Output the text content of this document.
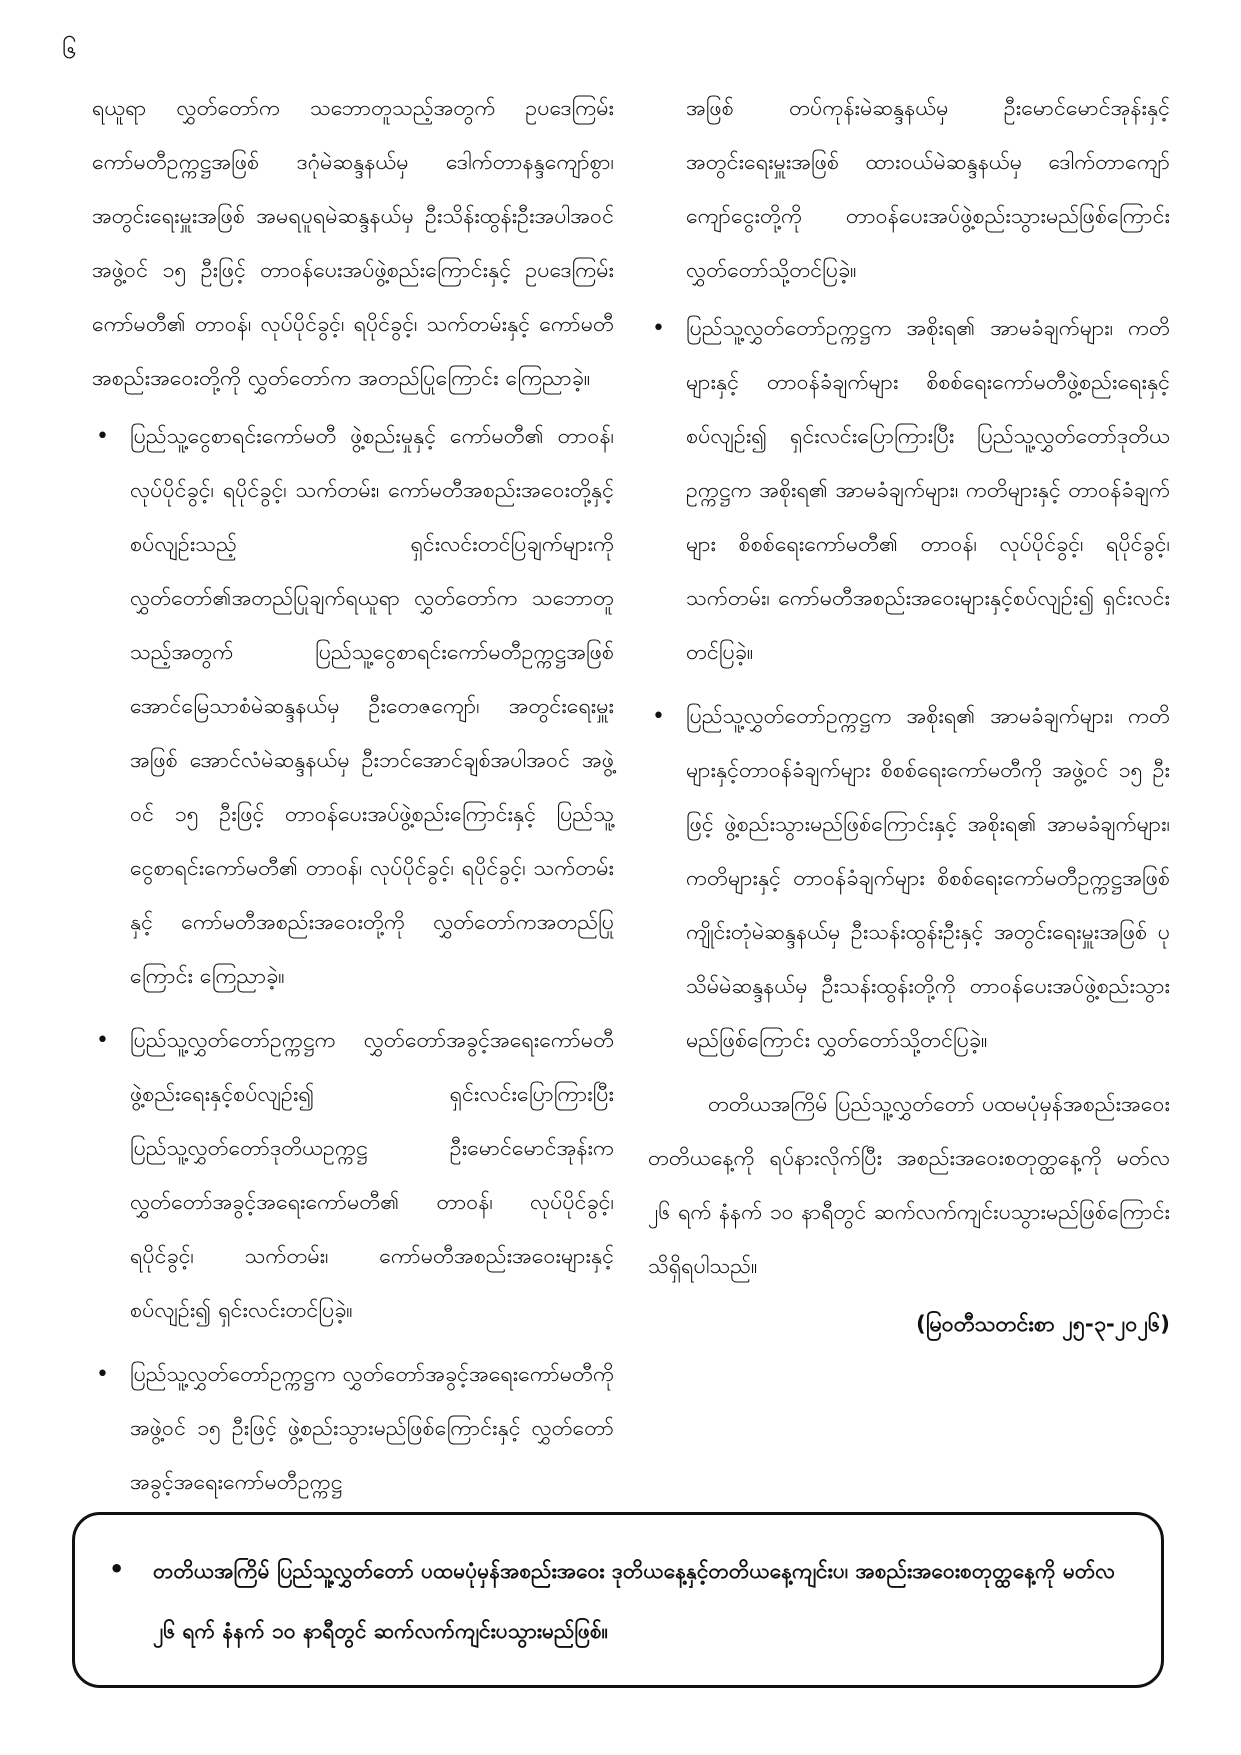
၆

ရယူရာ လွှတ်တော်က သဘောတူသည့်အတွက် ဥပဒေကြမ်းကော်မတီဥက္ကဋ္ဌအဖြစ် ဒဂုံမဲဆန္ဒနယ်မှ ဒေါက်တာနန္ဒကျော်စွာ၊ အတွင်းရေးမှူးအဖြစ် အမရပူရမဲဆန္ဒနယ်မှ ဦးသိန်းထွန်းဦးအပါအဝင် အဖွဲ့ဝင် ၁၅ ဦးဖြင့် တာဝန်ပေးအပ်ဖွဲ့စည်းကြောင်းနှင့် ဥပဒေကြမ်းကော်မတီ၏ တာဝန်၊ လုပ်ပိုင်ခွင့်၊ ရပိုင်ခွင့်၊ သက်တမ်းနှင့် ကော်မတီအစည်းအဝေးတို့ကို လွှတ်တော်က အတည်ပြုကြောင်း ကြေညာခဲ့။

• ပြည်သူ့ငွေစာရင်းကော်မတီ ဖွဲ့စည်းမှုနှင့် ကော်မတီ၏ တာဝန်၊ လုပ်ပိုင်ခွင့်၊ ရပိုင်ခွင့်၊ သက်တမ်း၊ ကော်မတီအစည်းအဝေးတို့နှင့်စပ်လျဉ်းသည့် ရှင်းလင်းတင်ပြချက်များကိုလွှတ်တော်၏အတည်ပြုချက်ရယူရာ လွှတ်တော်က သဘောတူသည့်အတွက် ပြည်သူ့ငွေစာရင်းကော်မတီဥက္ကဋ္ဌအဖြစ် အောင်မြေသာစံမဲဆန္ဒနယ်မှ ဦးတေဇကျော်၊ အတွင်းရေးမှူးအဖြစ် အောင်လံမဲဆန္ဒနယ်မှ ဦးဘင်အောင်ချစ်အပါအဝင် အဖွဲ့ဝင် ၁၅ ဦးဖြင့် တာဝန်ပေးအပ်ဖွဲ့စည်းကြောင်းနှင့် ပြည်သူ့ငွေစာရင်းကော်မတီ၏ တာဝန်၊ လုပ်ပိုင်ခွင့်၊ ရပိုင်ခွင့်၊ သက်တမ်းနှင့် ကော်မတီအစည်းအဝေးတို့ကို လွှတ်တော်ကအတည်ပြုကြောင်း ကြေညာခဲ့။
• ပြည်သူ့လွှတ်တော်ဥက္ကဋ္ဌက လွှတ်တော်အခွင့်အရေးကော်မတီဖွဲ့စည်းရေးနှင့်စပ်လျဉ်း၍ ရှင်းလင်းပြောကြားပြီး ပြည်သူ့လွှတ်တော်ဒုတိယဥက္ကဋ္ဌ ဦးမောင်မောင်အုန်းက လွှတ်တော်အခွင့်အရေးကော်မတီ၏ တာဝန်၊ လုပ်ပိုင်ခွင့်၊ ရပိုင်ခွင့်၊ သက်တမ်း၊ ကော်မတီအစည်းအဝေးများနှင့် စပ်လျဉ်း၍ ရှင်းလင်းတင်ပြခဲ့။
• ပြည်သူ့လွှတ်တော်ဥက္ကဋ္ဌက လွှတ်တော်အခွင့်အရေးကော်မတီကို အဖွဲ့ဝင် ၁၅ ဦးဖြင့် ဖွဲ့စည်းသွားမည်ဖြစ်ကြောင်းနှင့် လွှတ်တော်အခွင့်အရေးကော်မတီဥက္ကဋ္ဌ

အဖြစ် တပ်ကုန်းမဲဆန္ဒနယ်မှ ဦးမောင်မောင်အုန်းနှင့် အတွင်းရေးမှူးအဖြစ် ထားဝယ်မဲဆန္ဒနယ်မှ ဒေါက်တာကျော်ကျော်ငွေးတို့ကို တာဝန်ပေးအပ်ဖွဲ့စည်းသွားမည်ဖြစ်ကြောင်း လွှတ်တော်သို့တင်ပြခဲ့။

• ပြည်သူ့လွှတ်တော်ဥက္ကဋ္ဌက အစိုးရ၏ အာမခံချက်များ၊ ကတိများနှင့် တာဝန်ခံချက်များ စိစစ်ရေးကော်မတီဖွဲ့စည်းရေးနှင့်စပ်လျဉ်း၍ ရှင်းလင်းပြောကြားပြီး ပြည်သူ့လွှတ်တော်ဒုတိယဥက္ကဋ္ဌက အစိုးရ၏ အာမခံချက်များ၊ ကတိများနှင့် တာဝန်ခံချက်များ စိစစ်ရေးကော်မတီ၏ တာဝန်၊ လုပ်ပိုင်ခွင့်၊ ရပိုင်ခွင့်၊ သက်တမ်း၊ ကော်မတီအစည်းအဝေးများနှင့်စပ်လျဉ်း၍ ရှင်းလင်းတင်ပြခဲ့။
• ပြည်သူ့လွှတ်တော်ဥက္ကဋ္ဌက အစိုးရ၏ အာမခံချက်များ၊ ကတိများနှင့်တာဝန်ခံချက်များ စိစစ်ရေးကော်မတီကို အဖွဲ့ဝင် ၁၅ ဦးဖြင့် ဖွဲ့စည်းသွားမည်ဖြစ်ကြောင်းနှင့် အစိုးရ၏ အာမခံချက်များ၊ ကတိများနှင့် တာဝန်ခံချက်များ စိစစ်ရေးကော်မတီဥက္ကဋ္ဌအဖြစ် ကျိုင်းတုံမဲဆန္ဒနယ်မှ ဦးသန်းထွန်းဦးနှင့် အတွင်းရေးမှူးအဖြစ် ပုသိမ်မဲဆန္ဒနယ်မှ ဦးသန်းထွန်းတို့ကို တာဝန်ပေးအပ်ဖွဲ့စည်းသွားမည်ဖြစ်ကြောင်း လွှတ်တော်သို့တင်ပြခဲ့။

တတိယအကြိမ် ပြည်သူ့လွှတ်တော် ပထမပုံမှန်အစည်းအဝေးတတိယနေ့ကို ရပ်နားလိုက်ပြီး အစည်းအဝေးစတုတ္ထနေ့ကို မတ်လ ၂၆ ရက် နံနက် ၁၀ နာရီတွင် ဆက်လက်ကျင်းပသွားမည်ဖြစ်ကြောင်း သိရှိရပါသည်။

(မြဝတီသတင်းစာ ၂၅-၃-၂၀၂၆)

• တတိယအကြိမ် ပြည်သူ့လွှတ်တော် ပထမပုံမှန်အစည်းအဝေး ဒုတိယနေ့နှင့်တတိယနေ့ကျင်းပ၊ အစည်းအဝေးစတုတ္ထနေ့ကို မတ်လ ၂၆ ရက် နံနက် ၁၀ နာရီတွင် ဆက်လက်ကျင်းပသွားမည်ဖြစ်။
